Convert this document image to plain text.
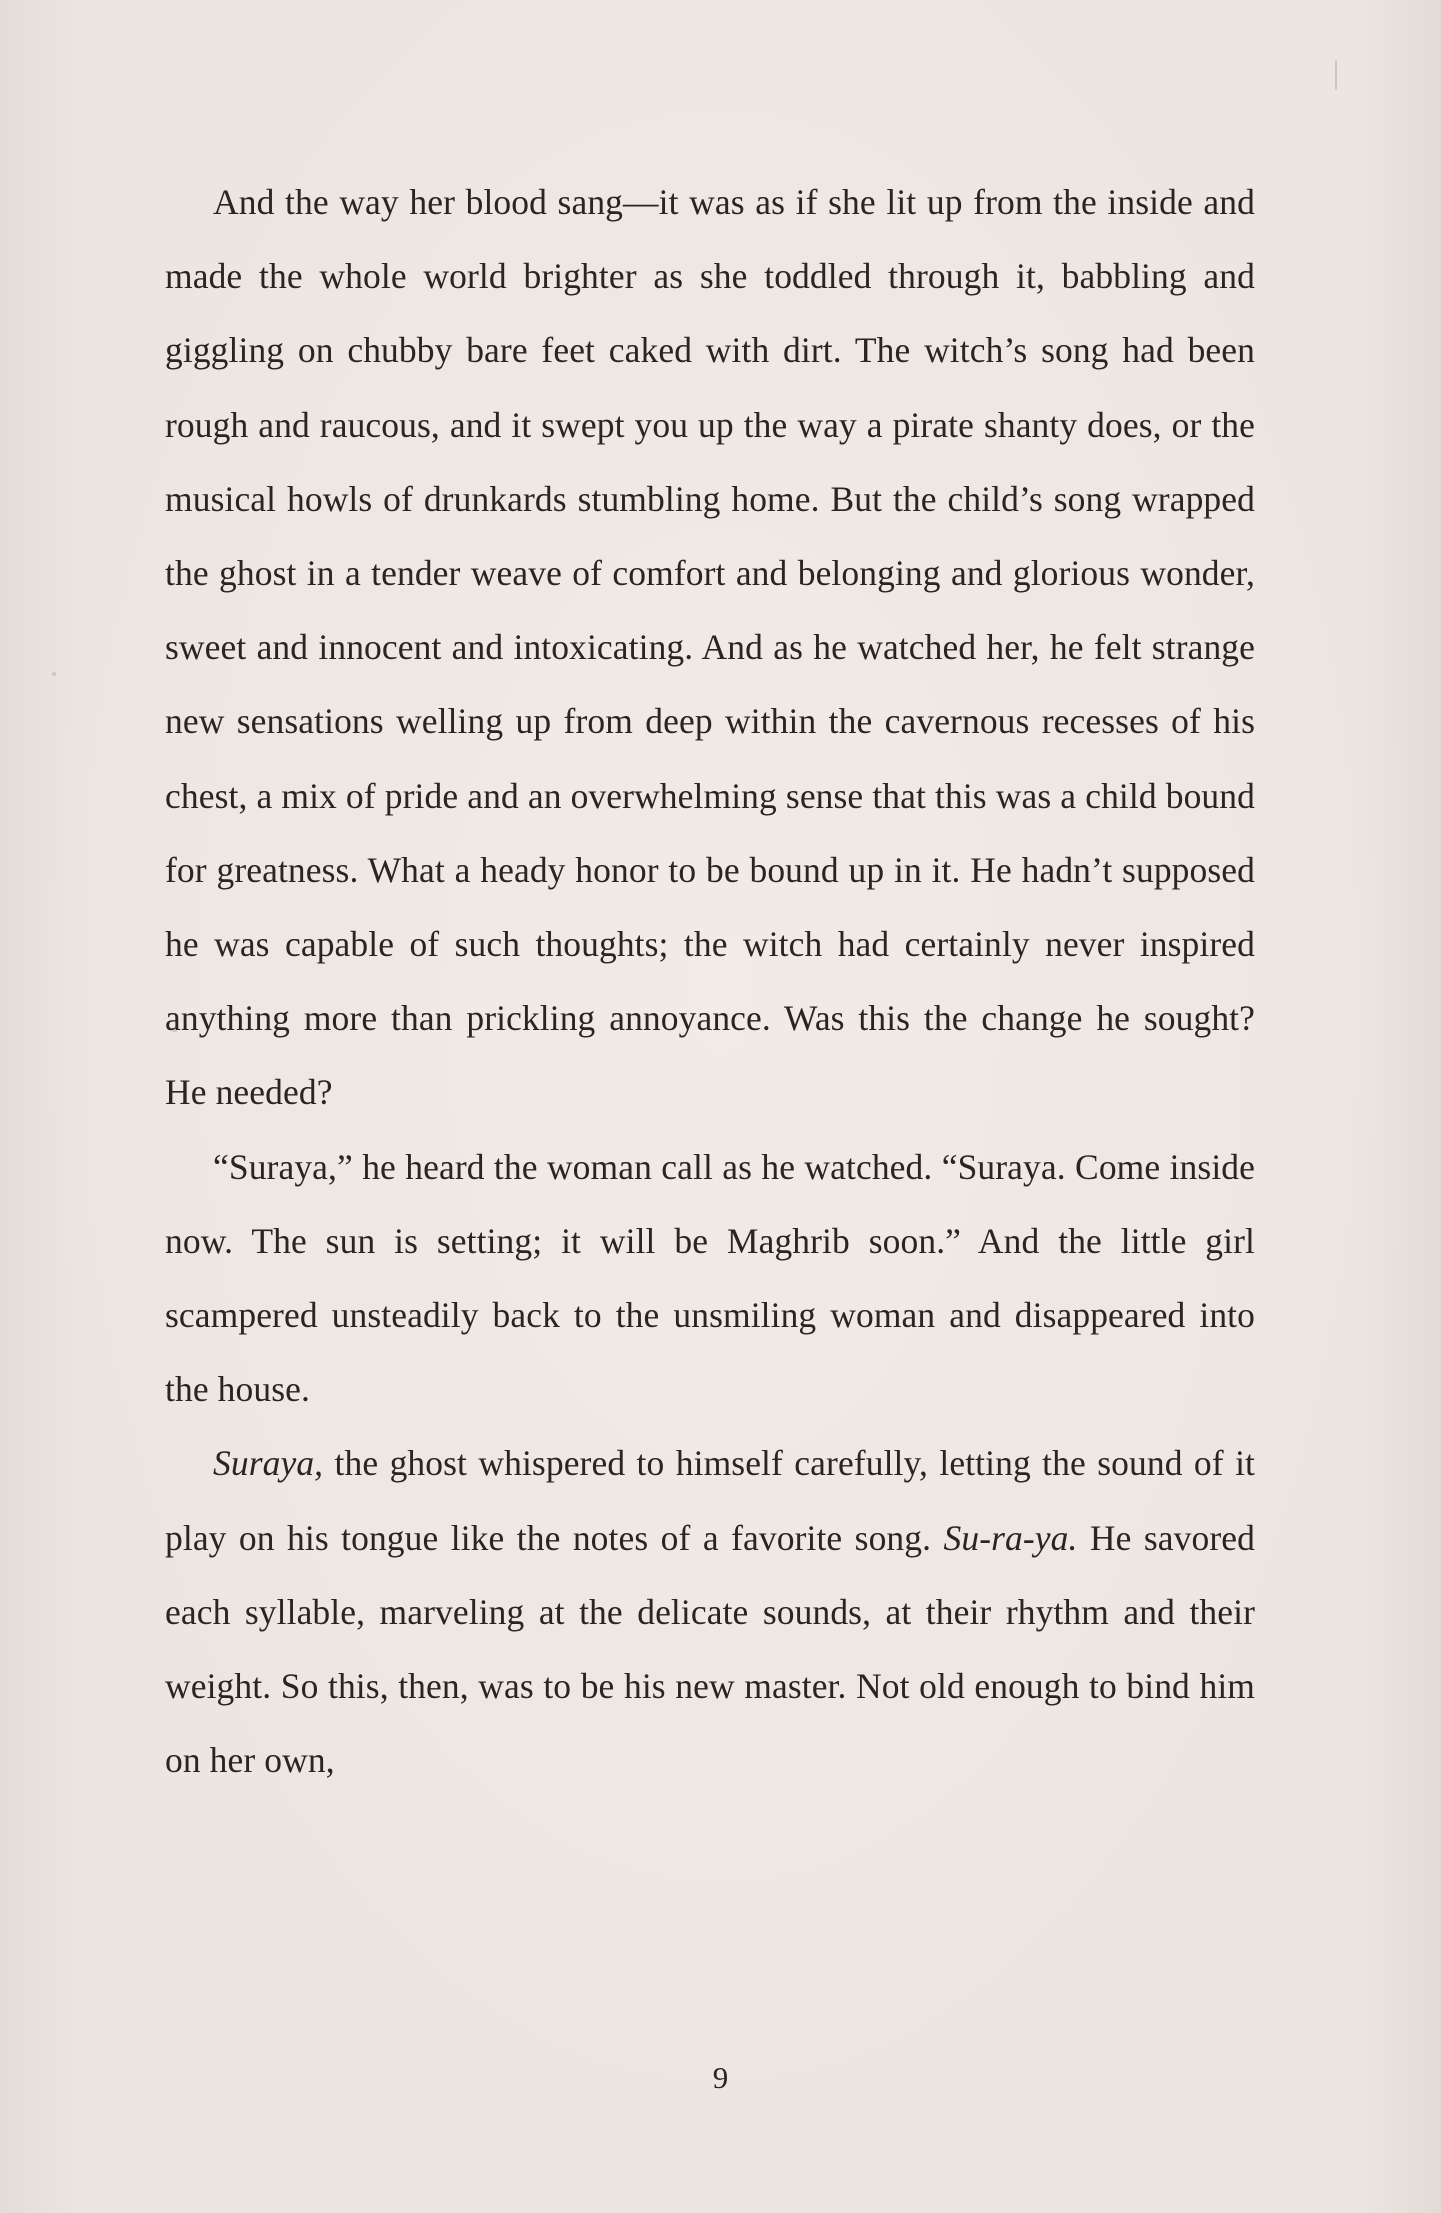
And the way her blood sang—it was as if she lit up from the inside and made the whole world brighter as she toddled through it, babbling and giggling on chubby bare feet caked with dirt. The witch’s song had been rough and raucous, and it swept you up the way a pirate shanty does, or the musical howls of drunkards stumbling home. But the child’s song wrapped the ghost in a tender weave of comfort and belonging and glorious wonder, sweet and innocent and intoxicating. And as he watched her, he felt strange new sensations welling up from deep within the cavernous recesses of his chest, a mix of pride and an overwhelming sense that this was a child bound for greatness. What a heady honor to be bound up in it. He hadn’t supposed he was capable of such thoughts; the witch had certainly never inspired anything more than prickling annoyance. Was this the change he sought? He needed?

“Suraya,” he heard the woman call as he watched. “Suraya. Come inside now. The sun is setting; it will be Maghrib soon.” And the little girl scampered unsteadily back to the unsmiling woman and disappeared into the house.

Suraya, the ghost whispered to himself carefully, letting the sound of it play on his tongue like the notes of a favorite song. Su-ra-ya. He savored each syllable, marveling at the delicate sounds, at their rhythm and their weight. So this, then, was to be his new master. Not old enough to bind him on her own,

9
